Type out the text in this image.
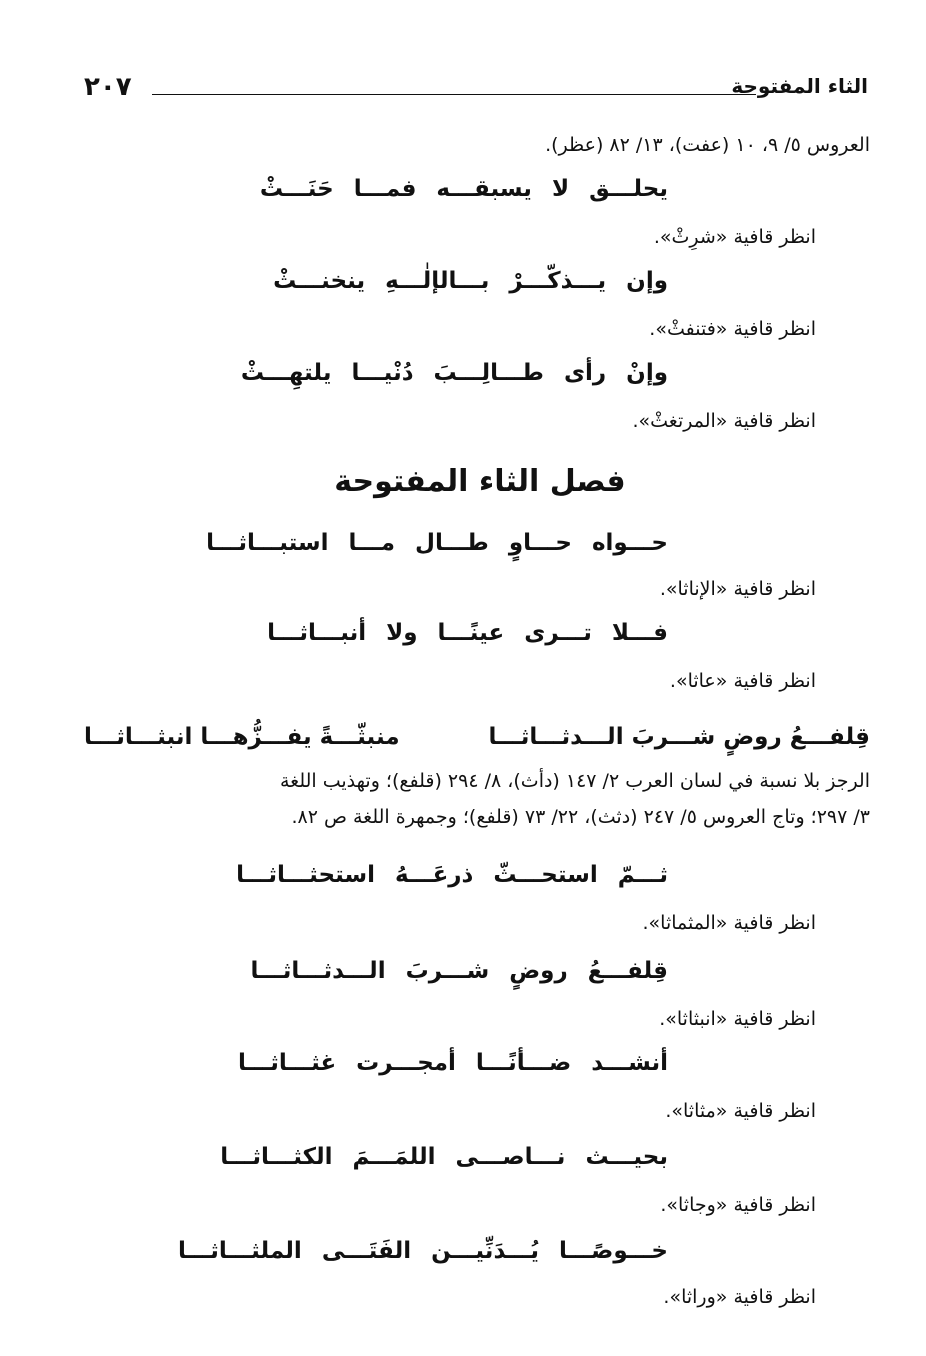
٢٠٧	الثاء المفتوحة
العروس ٥/ ٩، ١٠ (عفت)، ١٣/ ٨٢ (عظر).
يحلـــق لا يسبقـــه فمـــا حَنَـــثْ
انظر قافية «شرِثْ».
وإن يـــذكّـــرْ بـــالإلٰـــهِ ينخنـــثْ
انظر قافية «فتنفثْ».
وإنْ رأى طـــالِـــبَ دُنْيـــا يلتهِـــثْ
انظر قافية «المرتغثْ».
فصل الثاء المفتوحة
حـــواه حـــاوٍ طـــال مـــا استبـــاثـــا
انظر قافية «الإناثا».
فـــلا تـــرى عينًـــا ولا أنبـــاثـــا
انظر قافية «عاثا».
قِلفـــعُ روضٍ شـــربَ الـــدثـــاثـــا
منبثّـــةً يفـــزُّهـــا انبثـــاثـــا
الرجز بلا نسبة في لسان العرب ٢/ ١٤٧ (دأث)، ٨/ ٢٩٤ (قلفع)؛ وتهذيب اللغة
٣/ ٢٩٧؛ وتاج العروس ٥/ ٢٤٧ (دثث)، ٢٢/ ٧٣ (قلفع)؛ وجمهرة اللغة ص ٨٢.
ثـــمّ استحـــثّ ذرعَـــهُ استحثـــاثـــا
انظر قافية «المثماثا».
قِلفـــعُ روضٍ شـــربَ الـــدثـــاثـــا
انظر قافية «انبثاثا».
أنشـــد ضـــأنًـــا أمجـــرت غثـــاثـــا
انظر قافية «مثاثا».
بحيـــث نـــاصـــى اللمَـــمَ الكثـــاثـــا
انظر قافية «وجاثا».
خـــوصًـــا يُـــدَنِّيـــن الفَتَـــى الملثـــاثـــا
انظر قافية «وراثا».
